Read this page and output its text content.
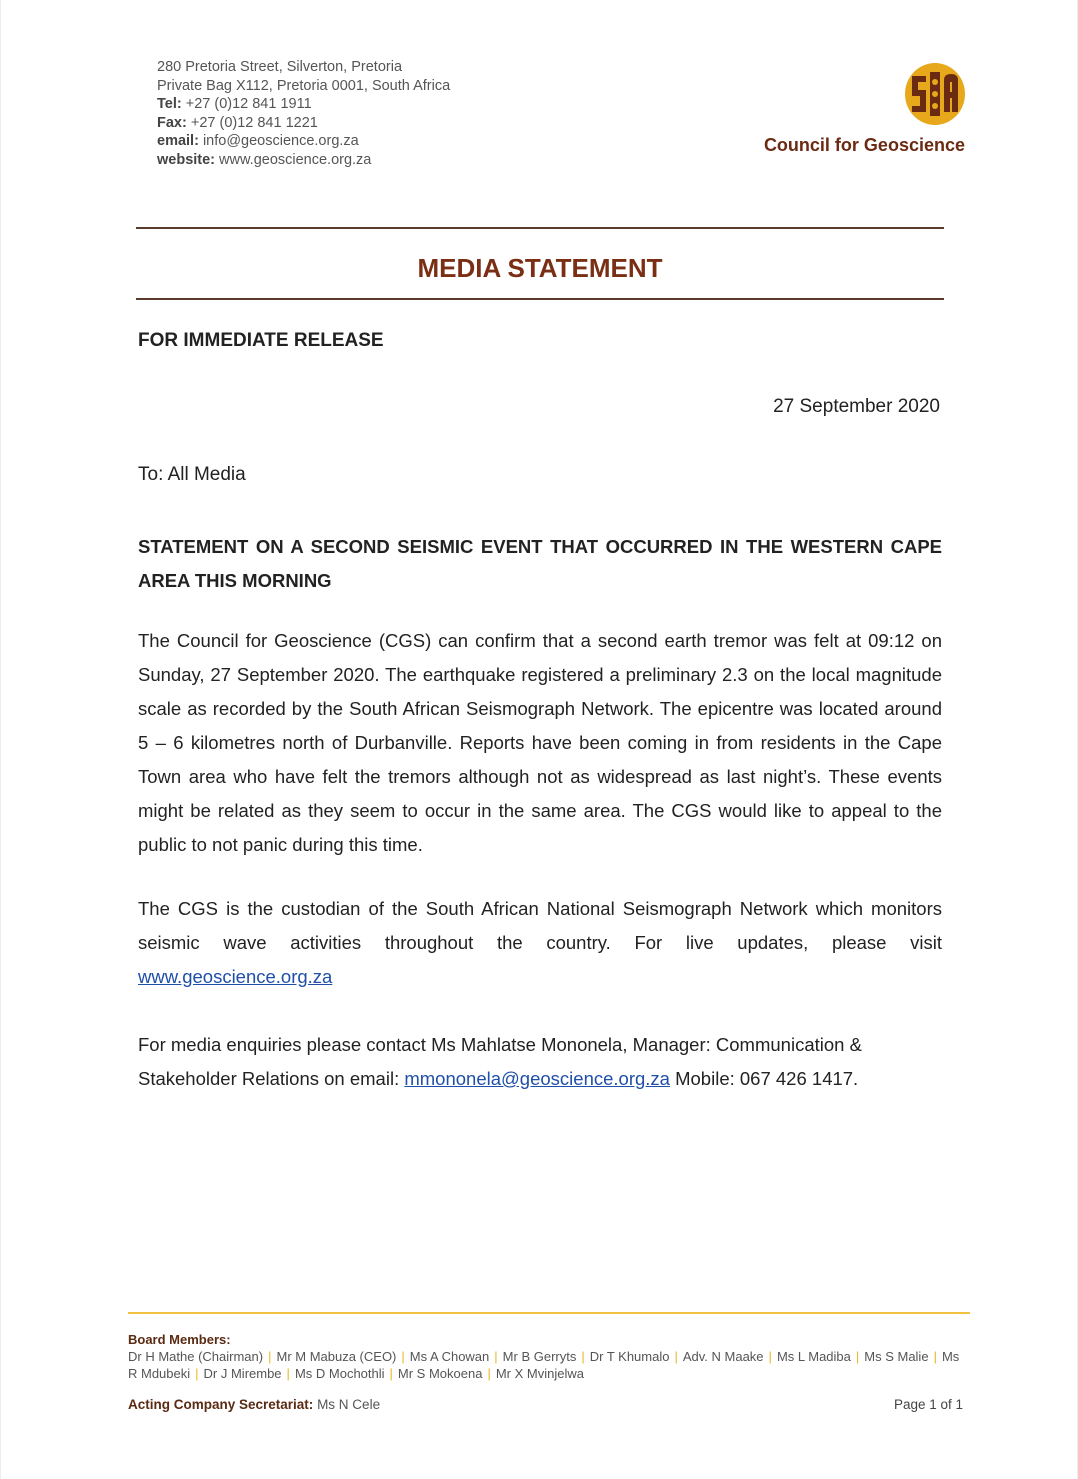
280 Pretoria Street, Silverton, Pretoria
Private Bag X112, Pretoria 0001, South Africa
Tel: +27 (0)12 841 1911
Fax: +27 (0)12 841 1221
email: info@geoscience.org.za
website: www.geoscience.org.za
Council for Geoscience
MEDIA STATEMENT
FOR IMMEDIATE RELEASE
27 September 2020
To: All Media
STATEMENT ON A SECOND SEISMIC EVENT THAT OCCURRED IN THE WESTERN CAPE AREA THIS MORNING
The Council for Geoscience (CGS) can confirm that a second earth tremor was felt at 09:12 on Sunday, 27 September 2020. The earthquake registered a preliminary 2.3 on the local magnitude scale as recorded by the South African Seismograph Network. The epicentre was located around 5 – 6 kilometres north of Durbanville. Reports have been coming in from residents in the Cape Town area who have felt the tremors although not as widespread as last night’s. These events might be related as they seem to occur in the same area. The CGS would like to appeal to the public to not panic during this time.
The CGS is the custodian of the South African National Seismograph Network which monitors seismic wave activities throughout the country. For live updates, please visit www.geoscience.org.za
For media enquiries please contact Ms Mahlatse Mononela, Manager: Communication & Stakeholder Relations on email: mmononela@geoscience.org.za Mobile: 067 426 1417.
Board Members:
Dr H Mathe (Chairman) | Mr M Mabuza (CEO) | Ms A Chowan | Mr B Gerryts | Dr T Khumalo | Adv. N Maake | Ms L Madiba | Ms S Malie | Ms R Mdubeki | Dr J Mirembe | Ms D Mochothli | Mr S Mokoena | Mr X Mvinjelwa
Acting Company Secretariat: Ms N Cele	Page 1 of 1
